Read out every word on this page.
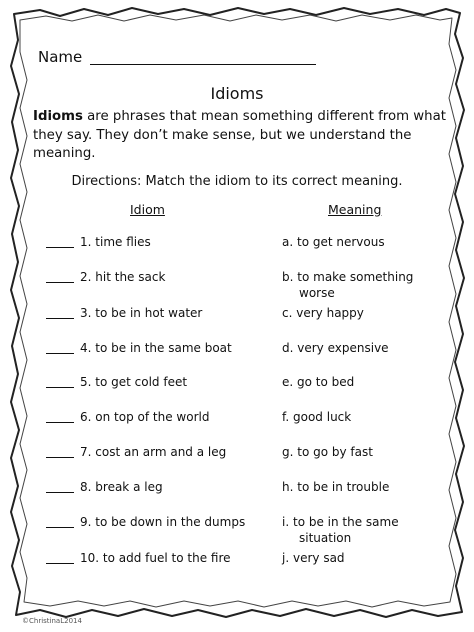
Name
Idioms
Idioms are phrases that mean something different from what they say. They don’t make sense, but we understand the meaning.
Directions: Match the idiom to its correct meaning.
Idiom	Meaning
1. time flies
2. hit the sack
3. to be in hot water
4. to be in the same boat
5. to get cold feet
6. on top of the world
7. cost an arm and a leg
8. break a leg
9. to be down in the dumps
10. to add fuel to the fire
a. to get nervous
b. to make something
worse
c. very happy
d. very expensive
e. go to bed
f. good luck
g. to go by fast
h. to be in trouble
i. to be in the same
situation
j. very sad
©ChristinaL2014
